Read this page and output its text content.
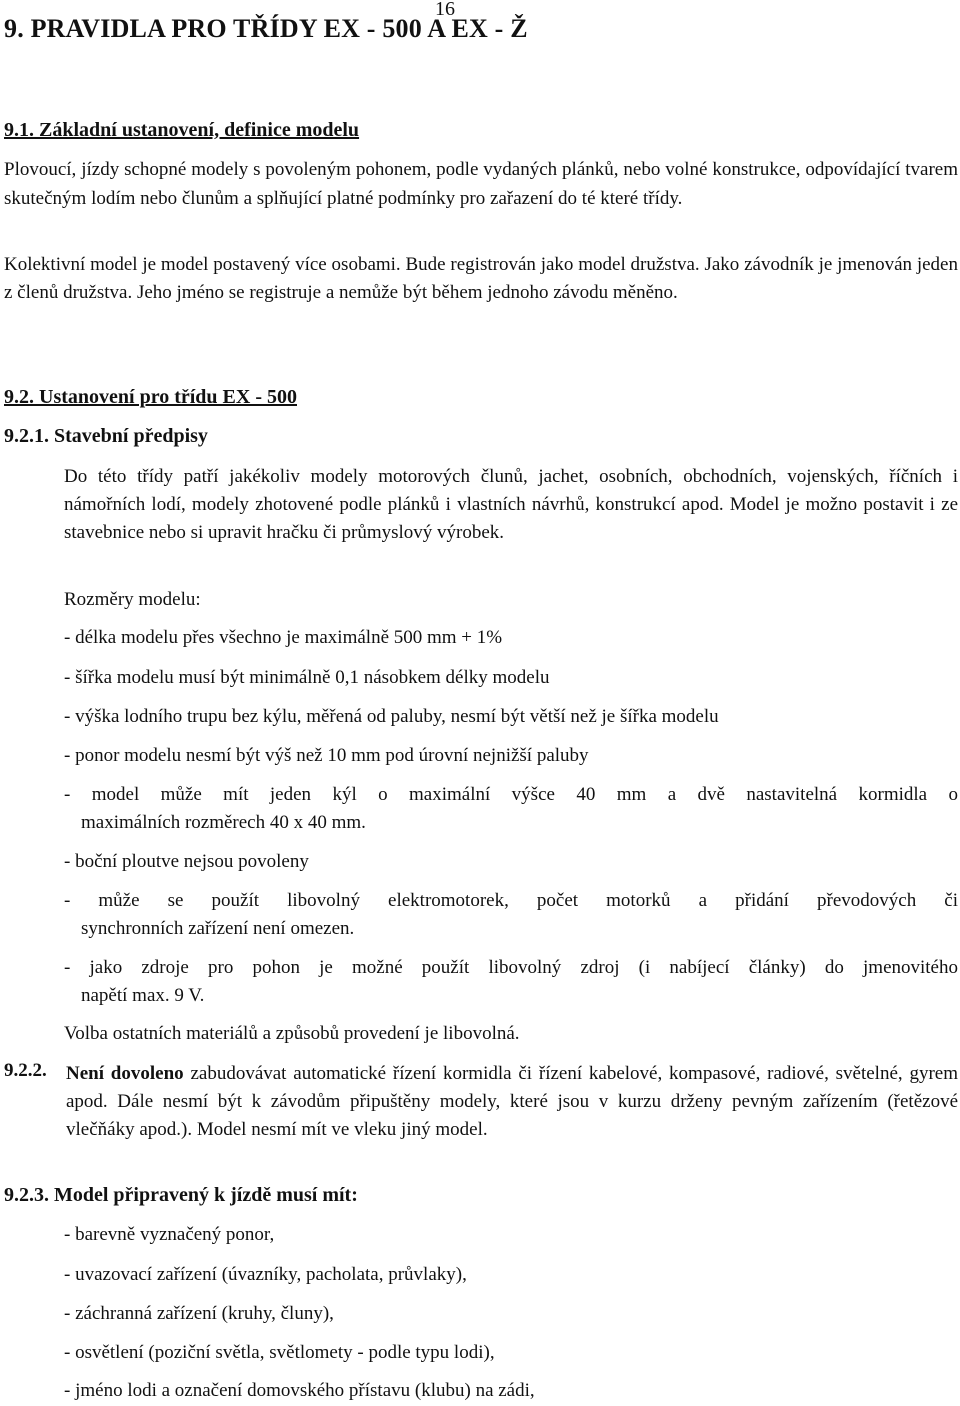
16
9. PRAVIDLA PRO TŘÍDY EX - 500 A EX - Ž
9.1. Základní ustanovení, definice modelu

Plovoucí, jízdy schopné modely s povoleným pohonem, podle vydaných plánků, nebo volné konstrukce, odpovídající tvarem skutečným lodím nebo člunům a splňující platné podmínky pro zařazení do té které třídy.

Kolektivní model je model postavený více osobami. Bude registrován jako model družstva. Jako závodník je jmenován jeden z členů družstva. Jeho jméno se registruje a nemůže být během jednoho závodu měněno.

9.2. Ustanovení pro třídu EX - 500
9.2.1. Stavební předpisy

Do této třídy patří jakékoliv modely motorových člunů, jachet, osobních, obchodních, vojenských, říčních i námořních lodí, modely zhotovené podle plánků i vlastních návrhů, konstrukcí apod. Model je možno postavit i ze stavebnice nebo si upravit hračku či průmyslový výrobek.

Rozměry modelu:

- délka modelu přes všechno je maximálně 500 mm + 1%
- šířka modelu musí být minimálně 0,1 násobkem délky modelu
- výška lodního trupu bez kýlu, měřená od paluby, nesmí být větší než je šířka modelu
- ponor modelu nesmí být výš než 10 mm pod úrovní nejnižší paluby
- model může mít jeden kýl o maximální výšce 40 mm a dvě nastavitelná kormidla o
maximálních rozměrech 40 x 40 mm.
- boční ploutve nejsou povoleny
- může se použít libovolný elektromotorek, počet motorků a přidání převodových či
synchronních zařízení není omezen.
- jako zdroje pro pohon je možné použít libovolný zdroj (i nabíjecí články) do jmenovitého
napětí max. 9 V.

Volba ostatních materiálů a způsobů provedení je libovolná.

9.2.2. Není dovoleno zabudovávat automatické řízení kormidla či řízení kabelové, kompasové, radiové, světelné, gyrem apod. Dále nesmí být k závodům připuštěny modely, které jsou v kurzu drženy pevným zařízením (řetězové vlečňáky apod.). Model nesmí mít ve vleku jiný model.

9.2.3. Model připravený k jízdě musí mít:

- barevně vyznačený ponor,

- uvazovací zařízení (úvazníky, pacholata, průvlaky),

- záchranná zařízení (kruhy, čluny),

- osvětlení (poziční světla, světlomety - podle typu lodi),

- jméno lodi a označení domovského přístavu (klubu) na zádi,
